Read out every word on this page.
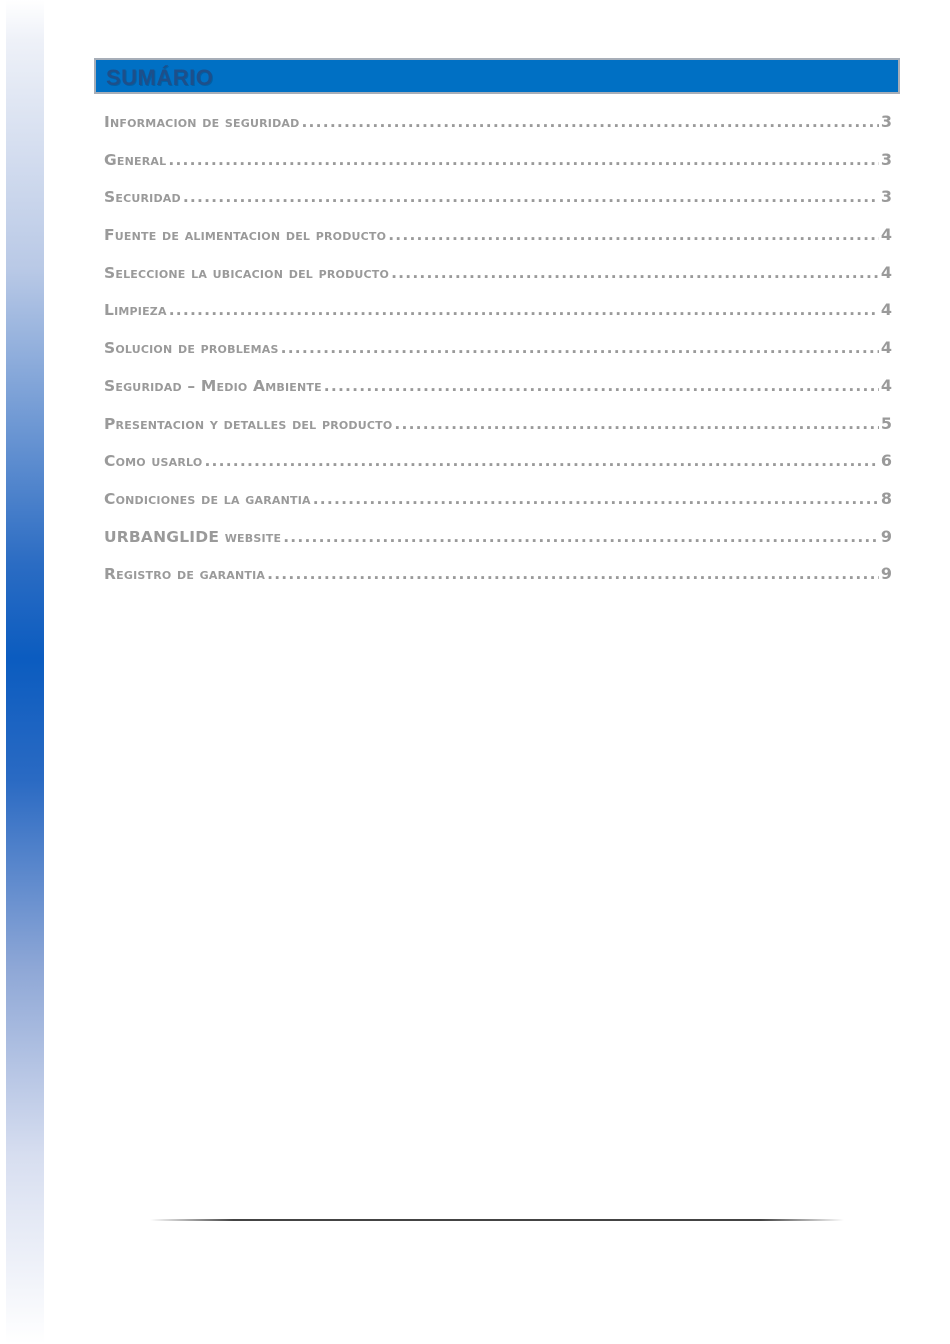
SUMÁRIO
Informacion de seguridad .....	3
General .....	3
Securidad .....	3
Fuente de alimentacion del producto .....	4
Seleccione la ubicacion del producto .....	4
Limpieza .....	4
Solucion de problemas .....	4
Seguridad – Medio Ambiente .....	4
Presentacion y detalles del producto .....	5
Como usarlo .....	6
Condiciones de la garantia .....	8
URBANGLIDE website .....	9
Registro de garantia .....	9
